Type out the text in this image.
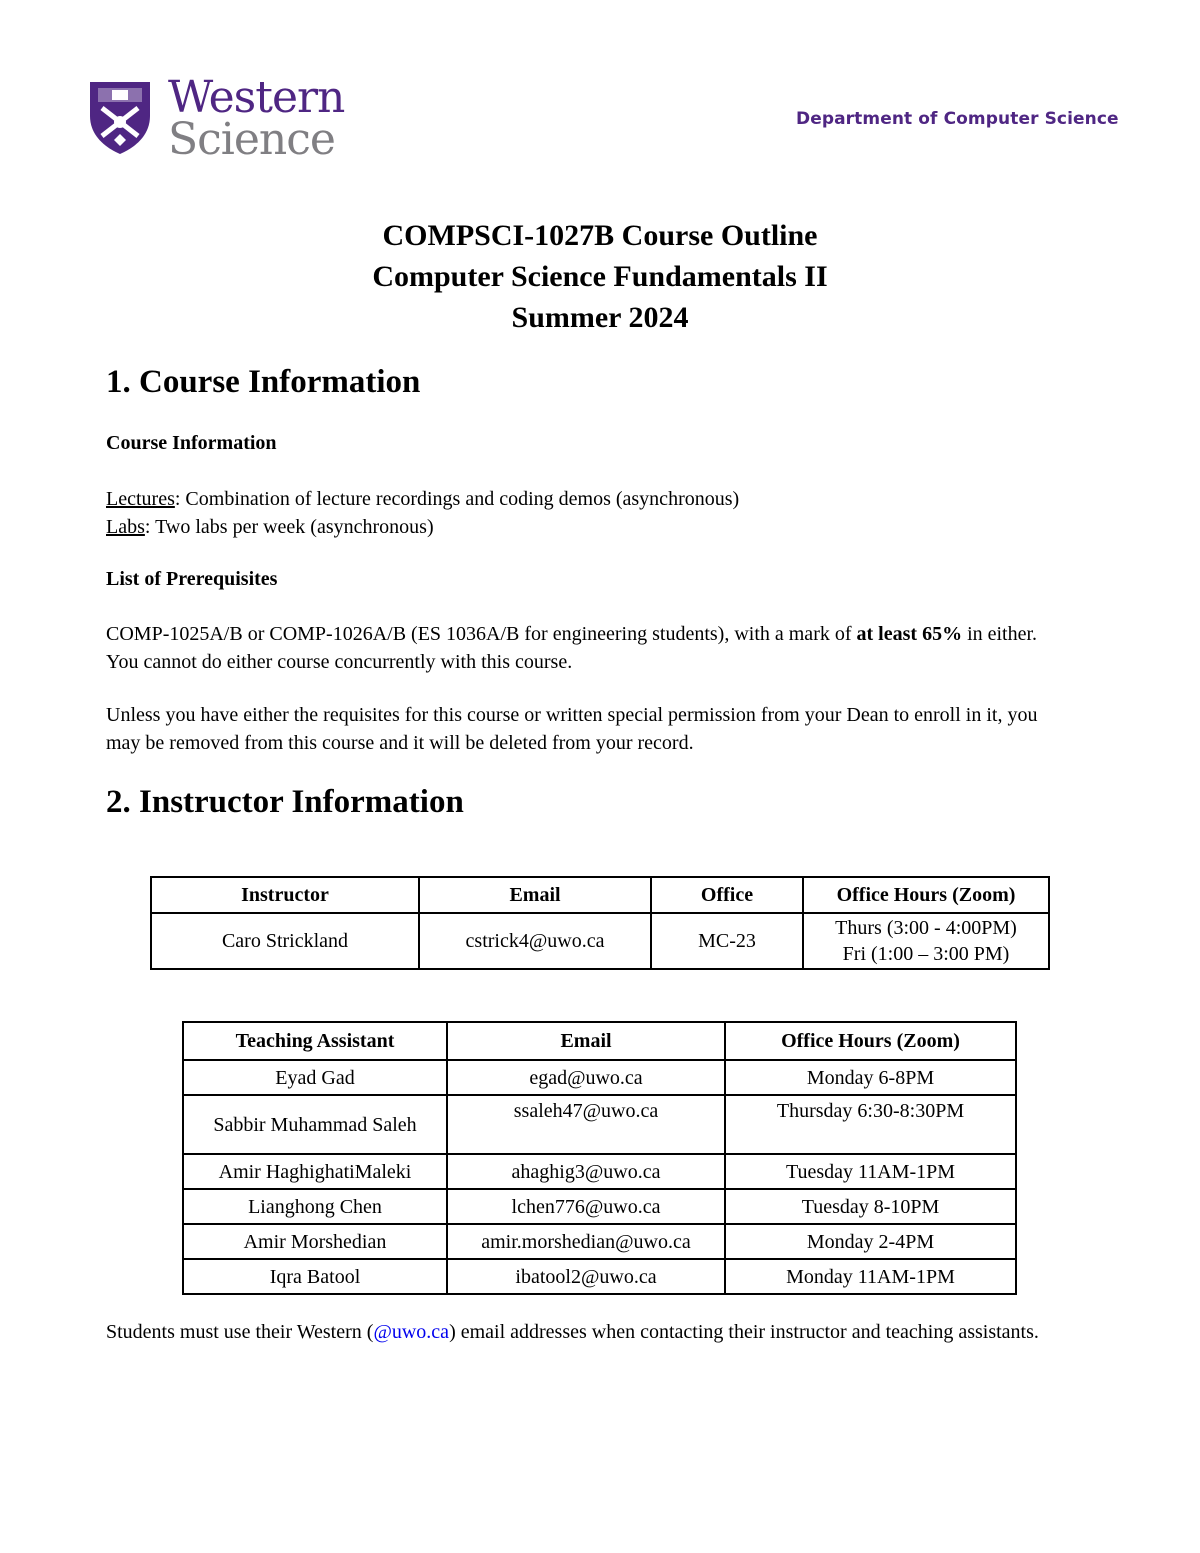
Western
Science	Department of Computer Science
COMPSCI-1027B Course Outline
Computer Science Fundamentals II
Summer 2024
1. Course Information
Course Information
Lectures: Combination of lecture recordings and coding demos (asynchronous)
Labs: Two labs per week (asynchronous)
List of Prerequisites
COMP-1025A/B or COMP-1026A/B (ES 1036A/B for engineering students), with a mark of at least 65% in either. You cannot do either course concurrently with this course.
Unless you have either the requisites for this course or written special permission from your Dean to enroll in it, you may be removed from this course and it will be deleted from your record.
2. Instructor Information
Instructor	Email	Office	Office Hours (Zoom)
Caro Strickland	cstrick4@uwo.ca	MC-23	Thurs (3:00 - 4:00PM)
Fri (1:00 – 3:00 PM)
Teaching Assistant	Email	Office Hours (Zoom)
Eyad Gad	egad@uwo.ca	Monday 6-8PM
Sabbir Muhammad Saleh	ssaleh47@uwo.ca	Thursday 6:30-8:30PM
Amir HaghighatiMaleki	ahaghig3@uwo.ca	Tuesday 11AM-1PM
Lianghong Chen	lchen776@uwo.ca	Tuesday 8-10PM
Amir Morshedian	amir.morshedian@uwo.ca	Monday 2-4PM
Iqra Batool	ibatool2@uwo.ca	Monday 11AM-1PM
Students must use their Western (@uwo.ca) email addresses when contacting their instructor and teaching assistants.
